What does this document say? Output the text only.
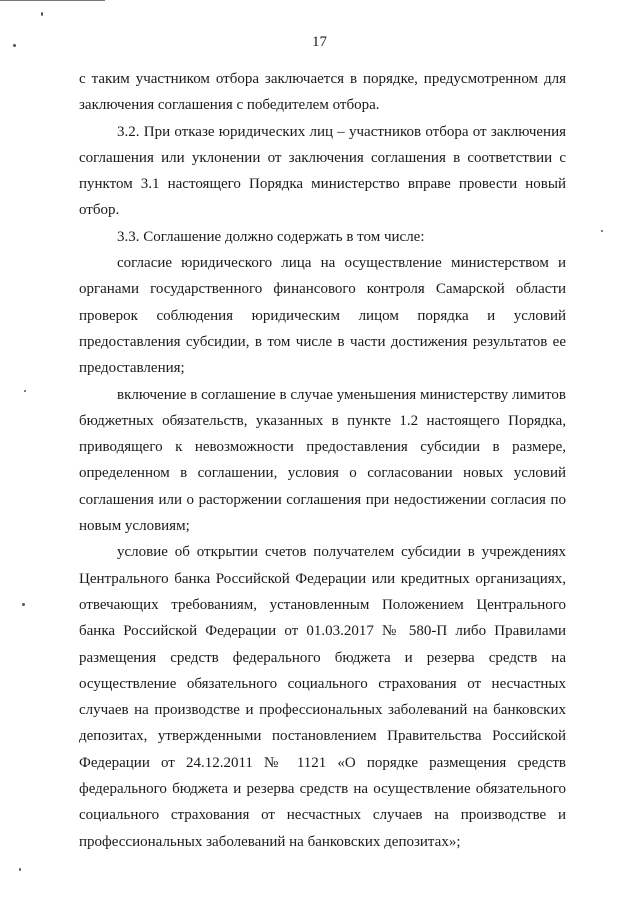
17

с таким участником отбора заключается в порядке, предусмотренном для заключения соглашения с победителем отбора.

3.2. При отказе юридических лиц – участников отбора от заключения соглашения или уклонении от заключения соглашения в соответствии с пунктом 3.1 настоящего Порядка министерство вправе провести новый отбор.

3.3. Соглашение должно содержать в том числе:

согласие юридического лица на осуществление министерством и органами государственного финансового контроля Самарской области проверок соблюдения юридическим лицом порядка и условий предоставления субсидии, в том числе в части достижения результатов ее предоставления;

включение в соглашение в случае уменьшения министерству лимитов бюджетных обязательств, указанных в пункте 1.2 настоящего Порядка, приводящего к невозможности предоставления субсидии в размере, определенном в соглашении, условия о согласовании новых условий соглашения или о расторжении соглашения при недостижении согласия по новым условиям;

условие об открытии счетов получателем субсидии в учреждениях Центрального банка Российской Федерации или кредитных организациях, отвечающих требованиям, установленным Положением Центрального банка Российской Федерации от 01.03.2017 № 580-П либо Правилами размещения средств федерального бюджета и резерва средств на осуществление обязательного социального страхования от несчастных случаев на производстве и профессиональных заболеваний на банковских депозитах, утвержденными постановлением Правительства Российской Федерации от 24.12.2011 № 1121 «О порядке размещения средств федерального бюджета и резерва средств на осуществление обязательного социального страхования от несчастных случаев на производстве и профессиональных заболеваний на банковских депозитах»;
